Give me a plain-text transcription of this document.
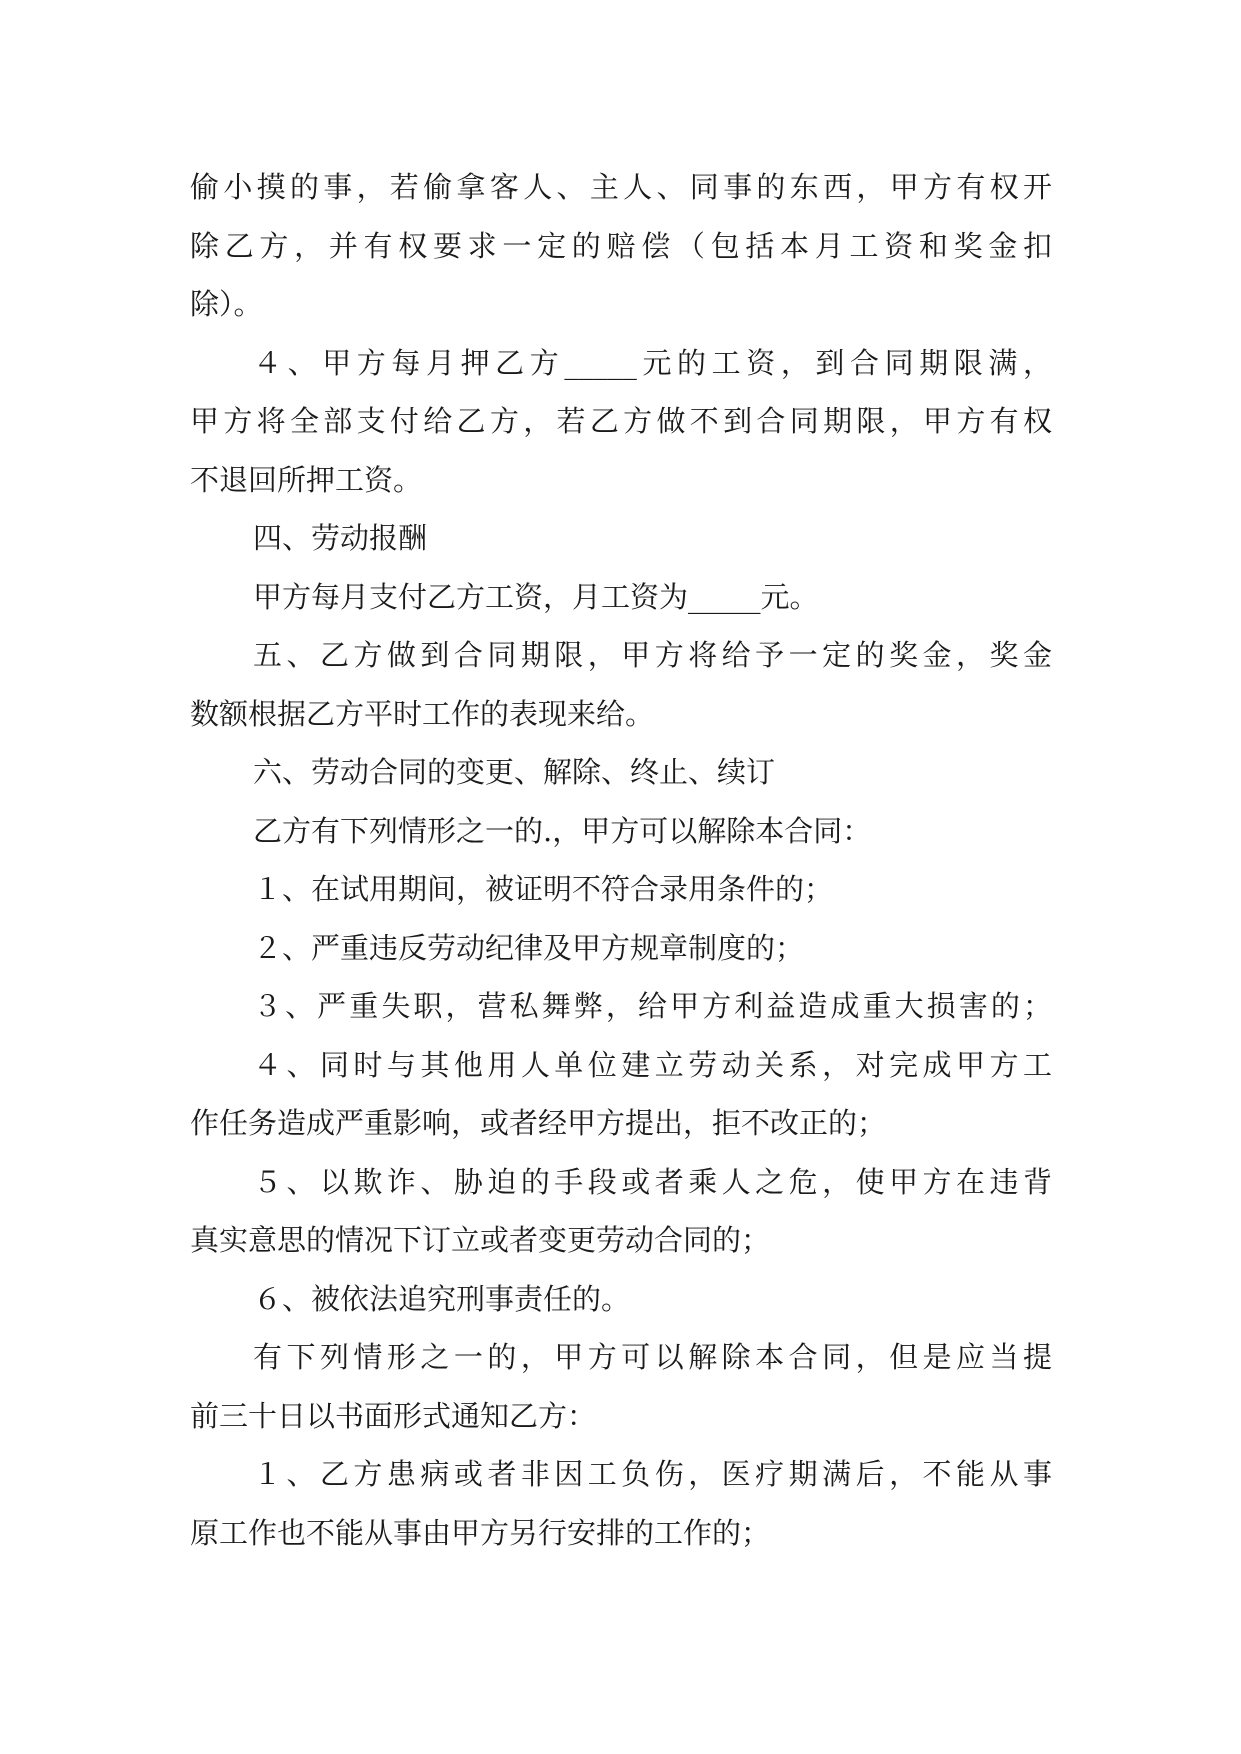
偷小摸的事，若偷拿客人、主人、同事的东西，甲方有权开
除乙方，并有权要求一定的赔偿（包括本月工资和奖金扣
除）。
４、甲方每月押乙方_____元的工资，到合同期限满，
甲方将全部支付给乙方，若乙方做不到合同期限，甲方有权
不退回所押工资。
四、劳动报酬
甲方每月支付乙方工资，月工资为_____元。
五、乙方做到合同期限，甲方将给予一定的奖金，奖金
数额根据乙方平时工作的表现来给。
六、劳动合同的变更、解除、终止、续订
乙方有下列情形之一的.，甲方可以解除本合同：
１、在试用期间，被证明不符合录用条件的；
２、严重违反劳动纪律及甲方规章制度的；
３、严重失职，营私舞弊，给甲方利益造成重大损害的；
４、同时与其他用人单位建立劳动关系，对完成甲方工
作任务造成严重影响，或者经甲方提出，拒不改正的；
５、以欺诈、胁迫的手段或者乘人之危，使甲方在违背
真实意思的情况下订立或者变更劳动合同的；
６、被依法追究刑事责任的。
有下列情形之一的，甲方可以解除本合同，但是应当提
前三十日以书面形式通知乙方：
１、乙方患病或者非因工负伤，医疗期满后，不能从事
原工作也不能从事由甲方另行安排的工作的；
